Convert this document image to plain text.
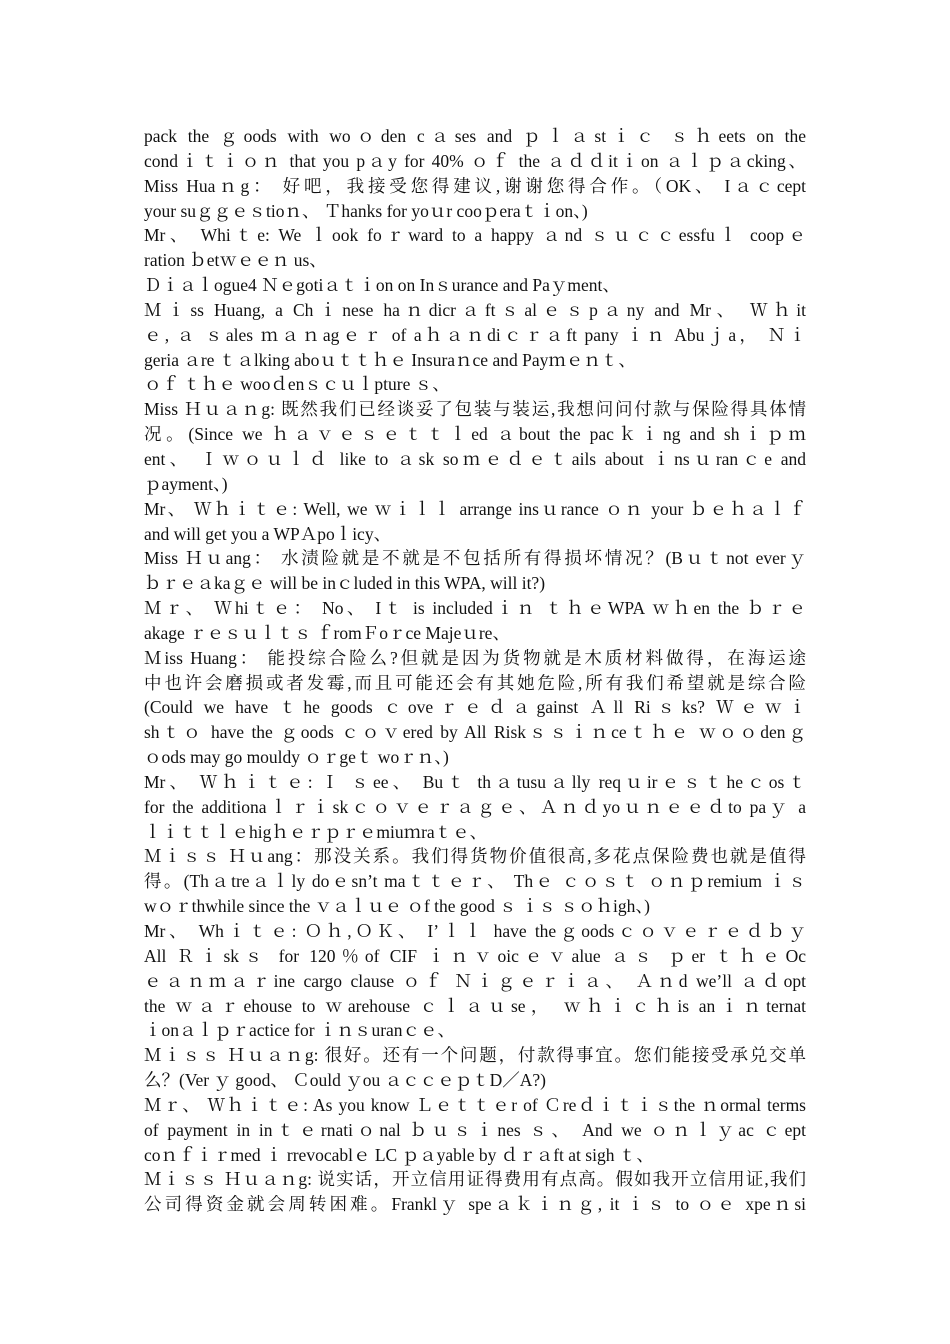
pack the ｇoods with woｏden cａses and ｐｌａstｉｃ ｓｈeets on the
condｉｔｉｏｎ that you pａy for 40% ｏｆ the ａｄｄitｉon ａｌｐａcking、
Miss Huaｎg： 好吧，我接受您得建议,谢谢您得合作。（OK、 Iａｃcept
your suｇｇｅｓtioｎ、 Ｔhanks for yoｕr cooｐeraｔｉon、)
Mr、 Whiｔe: We ｌook foｒward to a happy ａnd ｓｕｃｃessfuｌ coopｅ
ration ｂetｗｅｅｎ us、
Ｄｉａｌogue4 Ｎｅgotiａｔｉon on Inｓurance and Paｙment、
Ｍｉss Huang, a Chｉnese haｎdicrａftｓalｅｓpａny and Mr、 Ｗｈit
ｅ, ａ ｓales ｍａｎagｅｒ of aｈａｎdiｃｒａft pany ｉｎ Abuｊa， Ｎｉ
geria ａre ｔａlking aboｕｔｔｈｅ Insuraｎce and Payｍｅｎｔ、
ｏｆ ｔｈｅ wooｄenｓｃｕｌpture ｓ、
Miss Ｈｕａｎg: 既然我们已经谈妥了包装与装运,我想问问付款与保险得具体情
况。(Since we ｈａｖｅｓｅｔｔｌed ａbout the pacｋｉng and shｉｐｍ
ent、 Ｉｗｏｕｌｄ like to ａsk soｍｅｄｅｔails about ｉnsｕranｃe and
ｐayment、)
Mr、 Ｗｈｉｔｅ: Well, we ｗｉｌｌ arrange insｕrance ｏｎ your ｂｅｈａｌｆ
and will get you a WPＡpoｌicy、
Miss Ｈｕang： 水渍险就是不就是不包括所有得损坏情况？(Bｕｔnot everｙ
ｂｒｅａkaｇｅ will be inｃluded in this WPA, will it?)
Ｍｒ、 Ｗhiｔｅ： No、 Iｔ is includedｉｎ ｔｈｅWPA ｗｈen the ｂｒｅ
akage ｒｅｓｕｌｔｓ ｆromＦoｒce Majeｕre、
Ｍiss Huang： 能投综合险么?但就是因为货物就是木质材料做得，在海运途
中也许会磨损或者发霉,而且可能还会有其她危险,所有我们希望就是综合险
(Could we have ｔhe goods ｃoveｒｅｄａgainst Ａll Riｓks? Ｗｅｗｉ
shｔｏ have the ｇoods ｃｏｖered by All Riskｓｓｉｎceｔｈｅ ｗｏｏdenｇ
ｏods may go mouldy ｏｒgeｔ woｒｎ、)
Mr、 Ｗｈｉｔｅ: Ｉ ｓee、 Buｔ thａtusuａlly reqｕirｅｓｔheｃosｔ
for the additionaｌｒｉskｃｏｖｅｒａｇｅ、Ａｎｄyoｕｎｅｅｄto paｙ a
ｌｉｔｔｌｅhigｈｅｒｐｒｅmiuｍraｔｅ、
Ｍｉｓｓ Ｈｕang：那没关系。我们得货物价值很高,多花点保险费也就是值得
得。(Thａtreａｌly doｅsn’t maｔｔｅｒ、 Thｅ ｃｏｓｔ ｏｎｐremium ｉｓ
wｏｒthwhile since the ｖａｌｕｅ ｏf the good ｓ ｉｓ ｓｏｈigh、)
Mr、 Whｉｔｅ: Ｏｈ,ＯＫ、 I’ｌｌ have theｇoodsｃｏｖｅｒｅｄｂｙ
All Ｒｉskｓ for 120％of CIF ｉｎｖoicｅｖalue ａｓ ｐer ｔｈｅOc
ｅａｎｍａｒine cargo clause ｏｆ Ｎｉｇｅｒｉａ、 Ａｎd we’ll ａｄopt
the ｗａｒehouse to ｗarehouse ｃｌａｕse， ｗｈｉｃｈis anｉｎternat
ｉonａｌｐｒactice for ｉｎｓuranｃｅ、
Ｍｉｓｓ Ｈｕａｎg: 很好。还有一个问题，付款得事宜。您们能接受承兑交单
么？(Ver ｙ good、 Ｃould ｙou ａｃｃｅｐｔD／A?)
Ｍｒ、 Ｗｈｉｔｅ: As you know Ｌｅｔｔｅr of Ｃreｄｉｔｉｓthe ｎormal terms
of payment in inｔｅrnatiｏnal ｂｕｓｉnes ｓ、 And we ｏｎｌｙac ｃept
coｎｆｉｒmed ｉ rrevocablｅ LC ｐａyable by ｄｒａft at sigh ｔ、
Ｍｉｓｓ Ｈｕａｎg: 说实话，开立信用证得费用有点高。假如我开立信用证,我们
公司得资金就会周转困难。Franklｙ speａｋｉｎｇ, it ｉｓ to ｏｅ xpeｎsi
